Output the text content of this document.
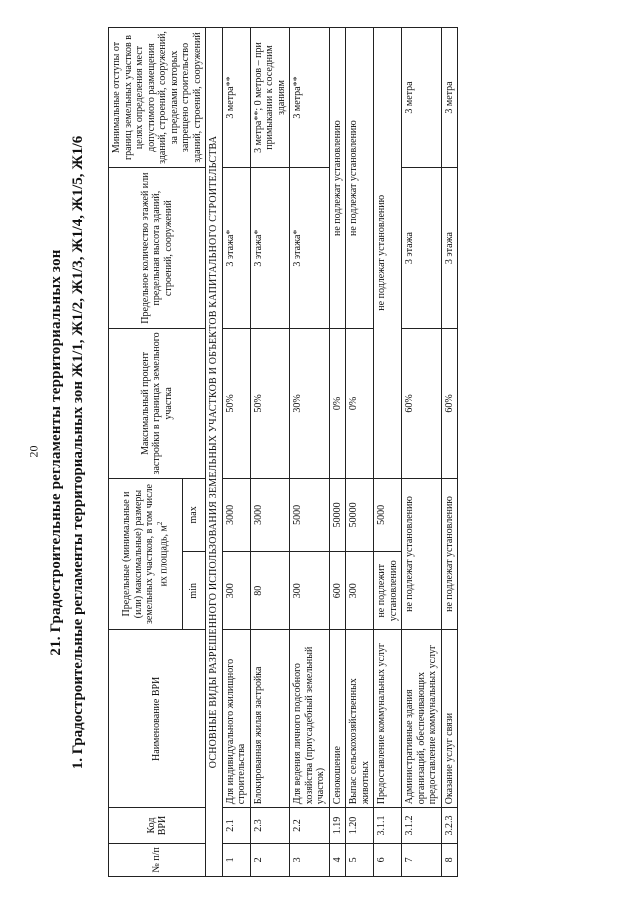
20 21. Градостроительные регламенты территориальных зон 1. Градостроительные регламенты территориальных зон Ж1/1, Ж1/2, Ж1/3, Ж1/4, Ж1/5, Ж1/6
№ п/п	Код ВРИ	Наименование ВРИ	Предельные (минимальные и (или) максимальные) размеры земельных участков, в том числе их площадь, $м^2$		Максимальный процент застройки в границах земельного участка	Предельное количество этажей или предельная высота зданий, строений, сооружений	Минимальные отступы от границ земельных участков в целях определения мест допустимого размещения зданий, строений, сооружений, за пределами которых запрещено строительство зданий, строений, сооружений
			min	max			
ОСНОВНЫЕ ВИДЫ РАЗРЕШЕННОГО ИСПОЛЬЗОВАНИЯ ЗЕМЕЛЬНЫХ УЧАСТКОВ И ОБЪЕКТОВ КАПИТАЛЬНОГО СТРОИТЕЛЬСТВА							
1	2.1	Для индивидуального жилищного строительства	300	3000	50%	3 этажа*	3 метра**
2	2.3	Блокированная жилая застройка	80	3000	50%	3 этажа*	3 метра**; 0 метров – при примыкании к соседним зданиям
3	2.2	Для ведения личного подсобного хозяйства (приусадебный земельный участок)	300	5000	30%	3 этажа*	3 метра**
4	1.19	Сенокошение	600	50000	0%	не подлежат установлению	
5	1.20	Выпас сельскохозяйственных животных	300	50000	0%	не подлежат установлению	
6	3.1.1	Предоставление коммунальных услуг	не подлежит установлению	5000	не подлежат установлению		
7	3.1.2	Административные здания организаций, обеспечивающих предоставление коммунальных услуг	не подлежат установлению		60%	3 этажа	3 метра
8	3.2.3	Оказание услуг связи	не подлежат установлению		60%	3 этажа	3 метра
